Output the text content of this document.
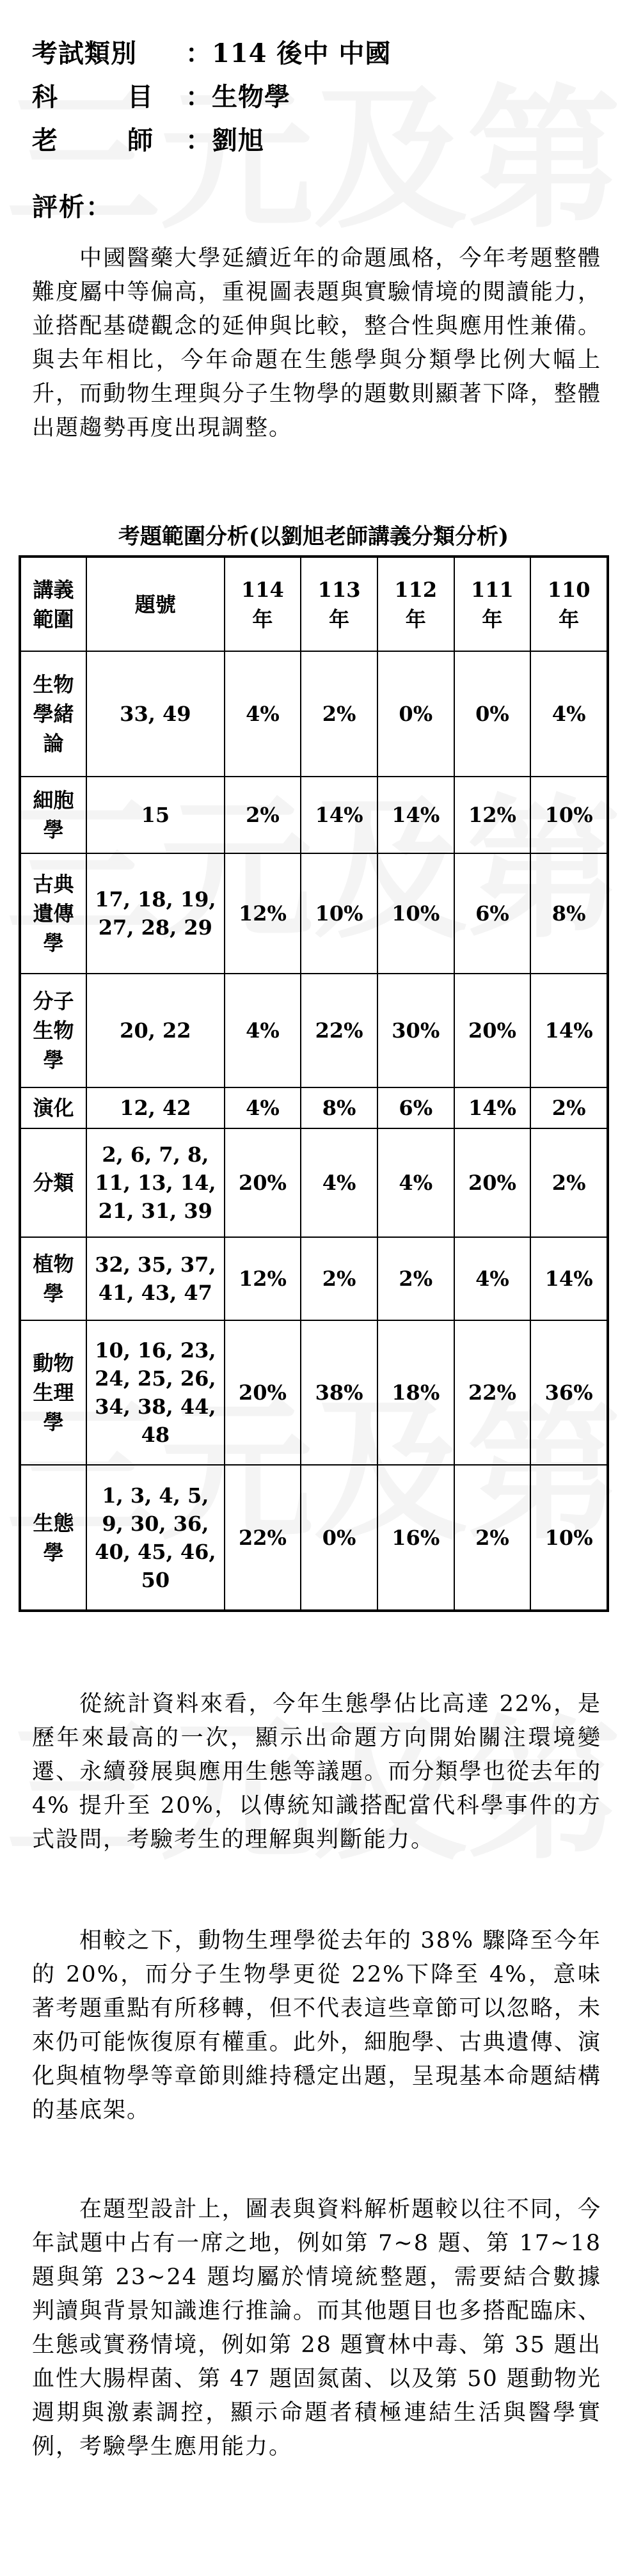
考試類別 ：114 後中 中國
科	目 ：生物學
老	師 ：劉旭
評析：
中國醫藥大學延續近年的命題風格，今年考題整體難度屬中等偏高，重視圖表題與實驗情境的閱讀能力，並搭配基礎觀念的延伸與比較，整合性與應用性兼備。與去年相比，今年命題在生態學與分類學比例大幅上升，而動物生理與分子生物學的題數則顯著下降，整體出題趨勢再度出現調整。
考題範圍分析(以劉旭老師講義分類分析)
講義範圍	題號	114年	113年	112年	111年	110年
生物學緒論	33, 49	4%	2%	0%	0%	4%
細胞學	15	2%	14%	14%	12%	10%
古典遺傳學	17, 18, 19, 27, 28, 29	12%	10%	10%	6%	8%
分子生物學	20, 22	4%	22%	30%	20%	14%
演化	12, 42	4%	8%	6%	14%	2%
分類	2, 6, 7, 8, 11, 13, 14, 21, 31, 39	20%	4%	4%	20%	2%
植物學	32, 35, 37, 41, 43, 47	12%	2%	2%	4%	14%
動物生理學	10, 16, 23, 24, 25, 26, 34, 38, 44, 48	20%	38%	18%	22%	36%
生態學	1, 3, 4, 5, 9, 30, 36, 40, 45, 46, 50	22%	0%	16%	2%	10%
從統計資料來看，今年生態學佔比高達 22%，是歷年來最高的一次，顯示出命題方向開始關注環境變遷、永續發展與應用生態等議題。而分類學也從去年的 4% 提升至 20%，以傳統知識搭配當代科學事件的方式設問，考驗考生的理解與判斷能力。
相較之下，動物生理學從去年的 38% 驟降至今年的 20%，而分子生物學更從 22%下降至 4%，意味著考題重點有所移轉，但不代表這些章節可以忽略，未來仍可能恢復原有權重。此外，細胞學、古典遺傳、演化與植物學等章節則維持穩定出題，呈現基本命題結構的基底架。
在題型設計上，圖表與資料解析題較以往不同，今年試題中占有一席之地，例如第 7~8 題、第 17~18 題與第 23~24 題均屬於情境統整題，需要結合數據判讀與背景知識進行推論。而其他題目也多搭配臨床、生態或實務情境，例如第 28 題寶林中毒、第 35 題出血性大腸桿菌、第 47 題固氮菌、以及第 50 題動物光週期與激素調控，顯示命題者積極連結生活與醫學實例，考驗學生應用能力。
